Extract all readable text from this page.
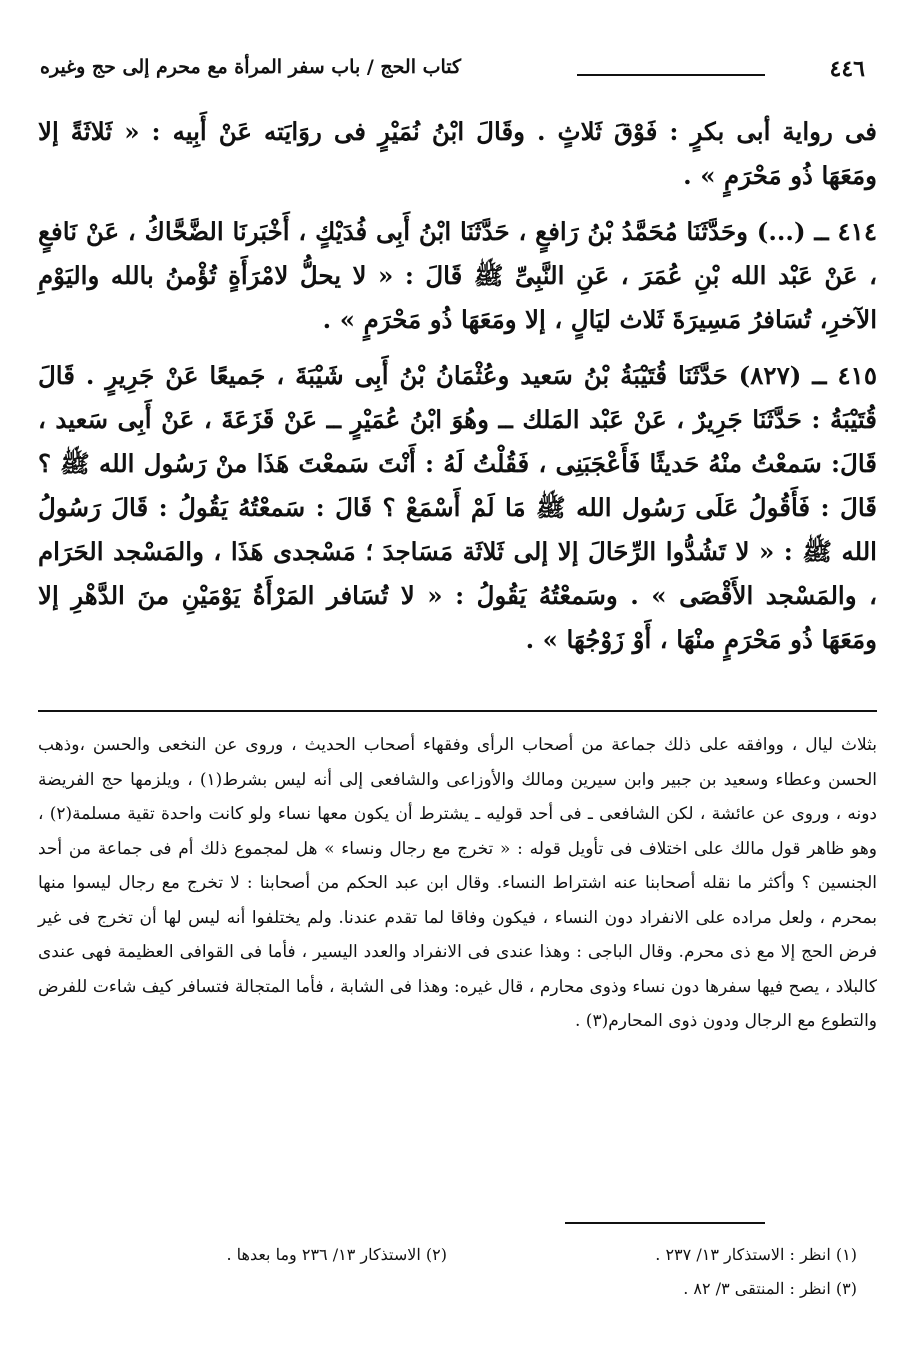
٤٤٦
كتاب الحج / باب سفر المرأة مع محرم إلى حج وغيره

فى رواية أبى بكرٍ : فَوْقَ ثَلاثٍ . وقَالَ ابْنُ نُمَيْرٍ فى روَايَته عَنْ أَبِيه : « ثَلاثَةً إلا ومَعَهَا ذُو مَحْرَمٍ » .

٤١٤ ــ (...) وحَدَّثَنَا مُحَمَّدُ بْنُ رَافعٍ ، حَدَّثَنَا ابْنُ أَبِى فُدَيْكٍ ، أَخْبَرنَا الضَّحَّاكُ ، عَنْ نَافعٍ ، عَنْ عَبْد الله بْنِ عُمَرَ ، عَنِ النَّبِىِّ ﷺ قَالَ : « لا يحلُّ لامْرَأَةٍ تُؤْمنُ بالله واليَوْمِ الآخرِ، تُسَافرُ مَسِيرَةَ ثَلاث ليَالٍ ، إلا ومَعَهَا ذُو مَحْرَمٍ » .

٤١٥ ــ (٨٢٧) حَدَّثَنَا قُتَيْبَةُ بْنُ سَعيد وعُثْمَانُ بْنُ أَبِى شَيْبَةَ ، جَميعًا عَنْ جَرِيرٍ . قَالَ قُتَيْبَةُ : حَدَّثَنَا جَرِيرٌ ، عَنْ عَبْد المَلك ــ وهُوَ ابْنُ عُمَيْرٍ ــ عَنْ قَزَعَةَ ، عَنْ أَبِى سَعيد ، قَالَ: سَمعْتُ منْهُ حَديثًا فَأَعْجَبَنِى ، فَقُلْتُ لَهُ : أَنْتَ سَمعْتَ هَذَا منْ رَسُول الله ﷺ ؟ قَالَ : فَأَقُولُ عَلَى رَسُول الله ﷺ مَا لَمْ أَسْمَعْ ؟ قَالَ : سَمعْتُهُ يَقُولُ : قَالَ رَسُولُ الله ﷺ : « لا تَشُدُّوا الرِّحَالَ إلا إلى ثَلاثَة مَسَاجدَ ؛ مَسْجدى هَذَا ، والمَسْجد الحَرَام ، والمَسْجد الأَقْصَى » . وسَمعْتُهُ يَقُولُ : « لا تُسَافر المَرْأَةُ يَوْمَيْنِ منَ الدَّهْرِ إلا ومَعَهَا ذُو مَحْرَمٍ منْهَا ، أَوْ زَوْجُهَا » .

بثلاث ليال ، ووافقه على ذلك جماعة من أصحاب الرأى وفقهاء أصحاب الحديث ، وروى عن النخعى والحسن ،وذهب الحسن وعطاء وسعيد بن جبير وابن سيرين ومالك والأوزاعى والشافعى إلى أنه ليس بشرط(١) ، ويلزمها حج الفريضة دونه ، وروى عن عائشة ، لكن الشافعى ـ فى أحد قوليه ـ يشترط أن يكون معها نساء ولو كانت واحدة تقية مسلمة(٢) ، وهو ظاهر قول مالك على اختلاف فى تأويل قوله : « تخرج مع رجال ونساء » هل لمجموع ذلك أم فى جماعة من أحد الجنسين ؟ وأكثر ما نقله أصحابنا عنه اشتراط النساء. وقال ابن عبد الحكم من أصحابنا : لا تخرج مع رجال ليسوا منها بمحرم ، ولعل مراده على الانفراد دون النساء ، فيكون وفاقا لما تقدم عندنا. ولم يختلفوا أنه ليس لها أن تخرج فى غير فرض الحج إلا مع ذى محرم. وقال الباجى : وهذا عندى فى الانفراد والعدد اليسير ، فأما فى القوافى العظيمة فهى عندى كالبلاد ، يصح فيها سفرها دون نساء وذوى محارم ، قال غيره: وهذا فى الشابة ، فأما المتجالة فتسافر كيف شاءت للفرض والتطوع مع الرجال ودون ذوى المحارم(٣) .

(١) انظر : الاستذكار ١٣/ ٢٣٧ .
(٣) انظر : المنتقى ٣/ ٨٢ .
(٢) الاستذكار ١٣/ ٢٣٦ وما بعدها .
